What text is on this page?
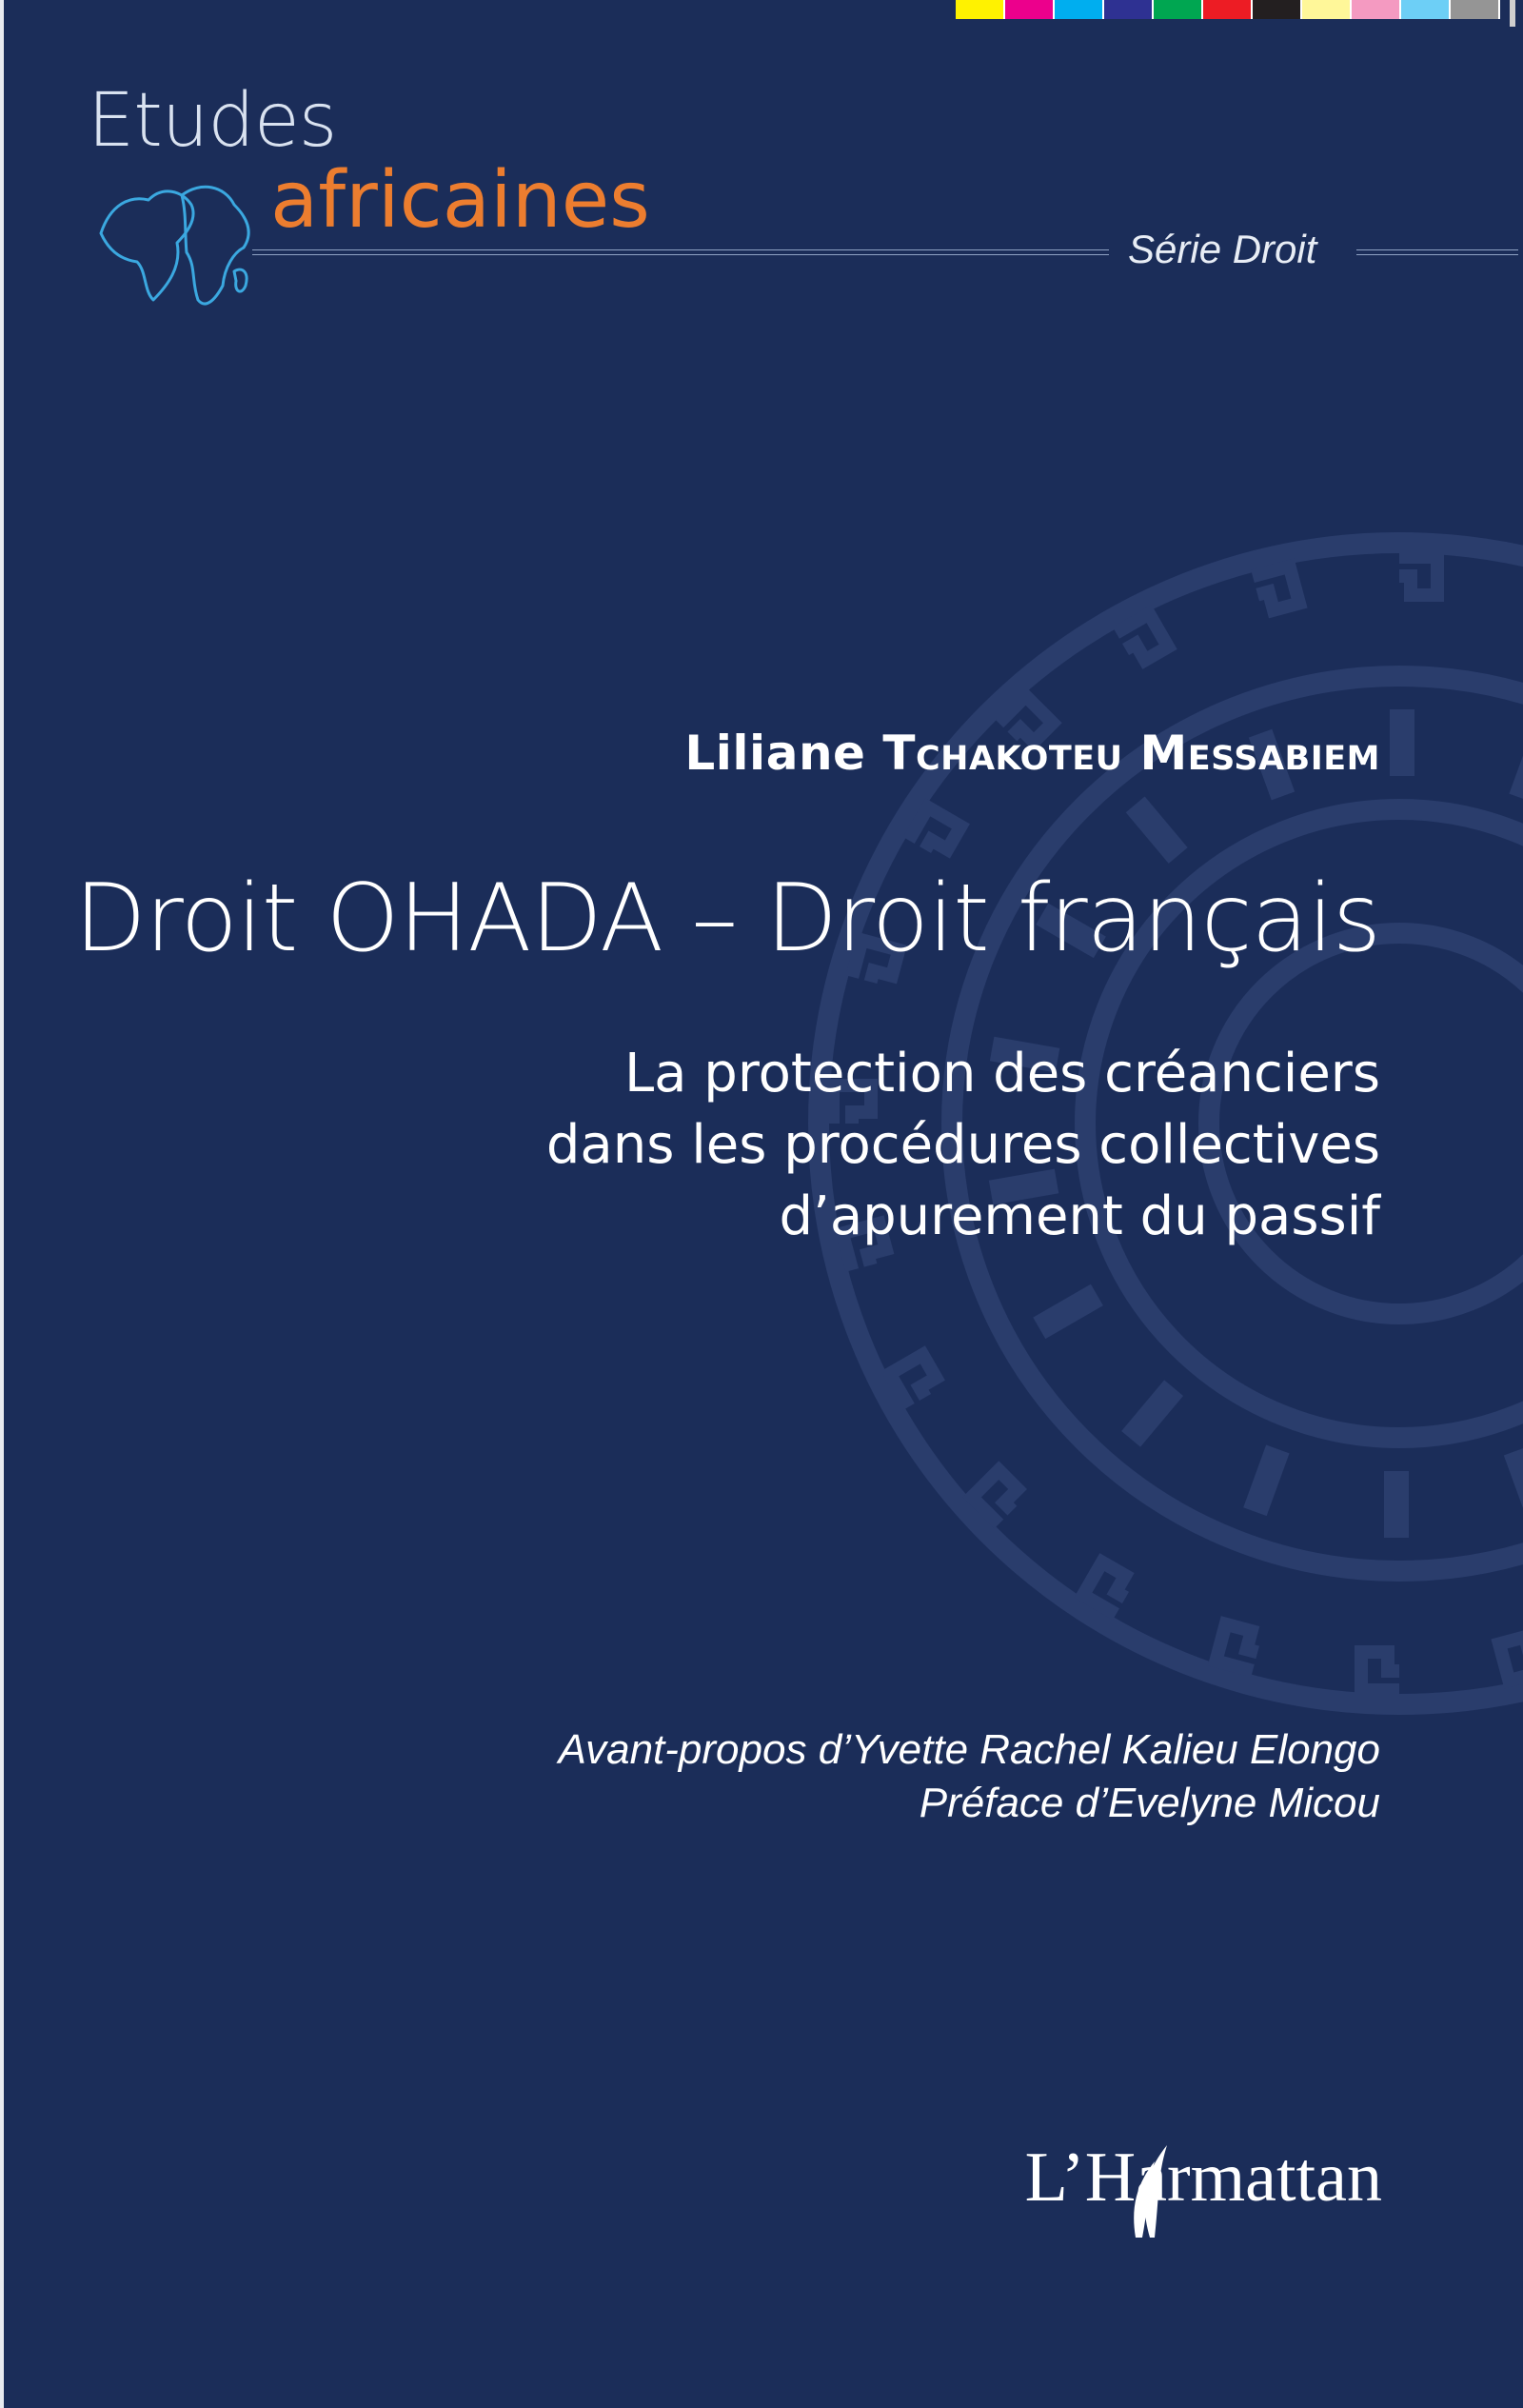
Etudes
africaines
Série Droit
Liliane Tchakoteu Messabiem
Droit OHADA – Droit français
La protection des créanciers
dans les procédures collectives
d’apurement du passif
Avant-propos d’Yvette Rachel Kalieu Elongo
Préface d’Evelyne Micou
L’Harmattan
